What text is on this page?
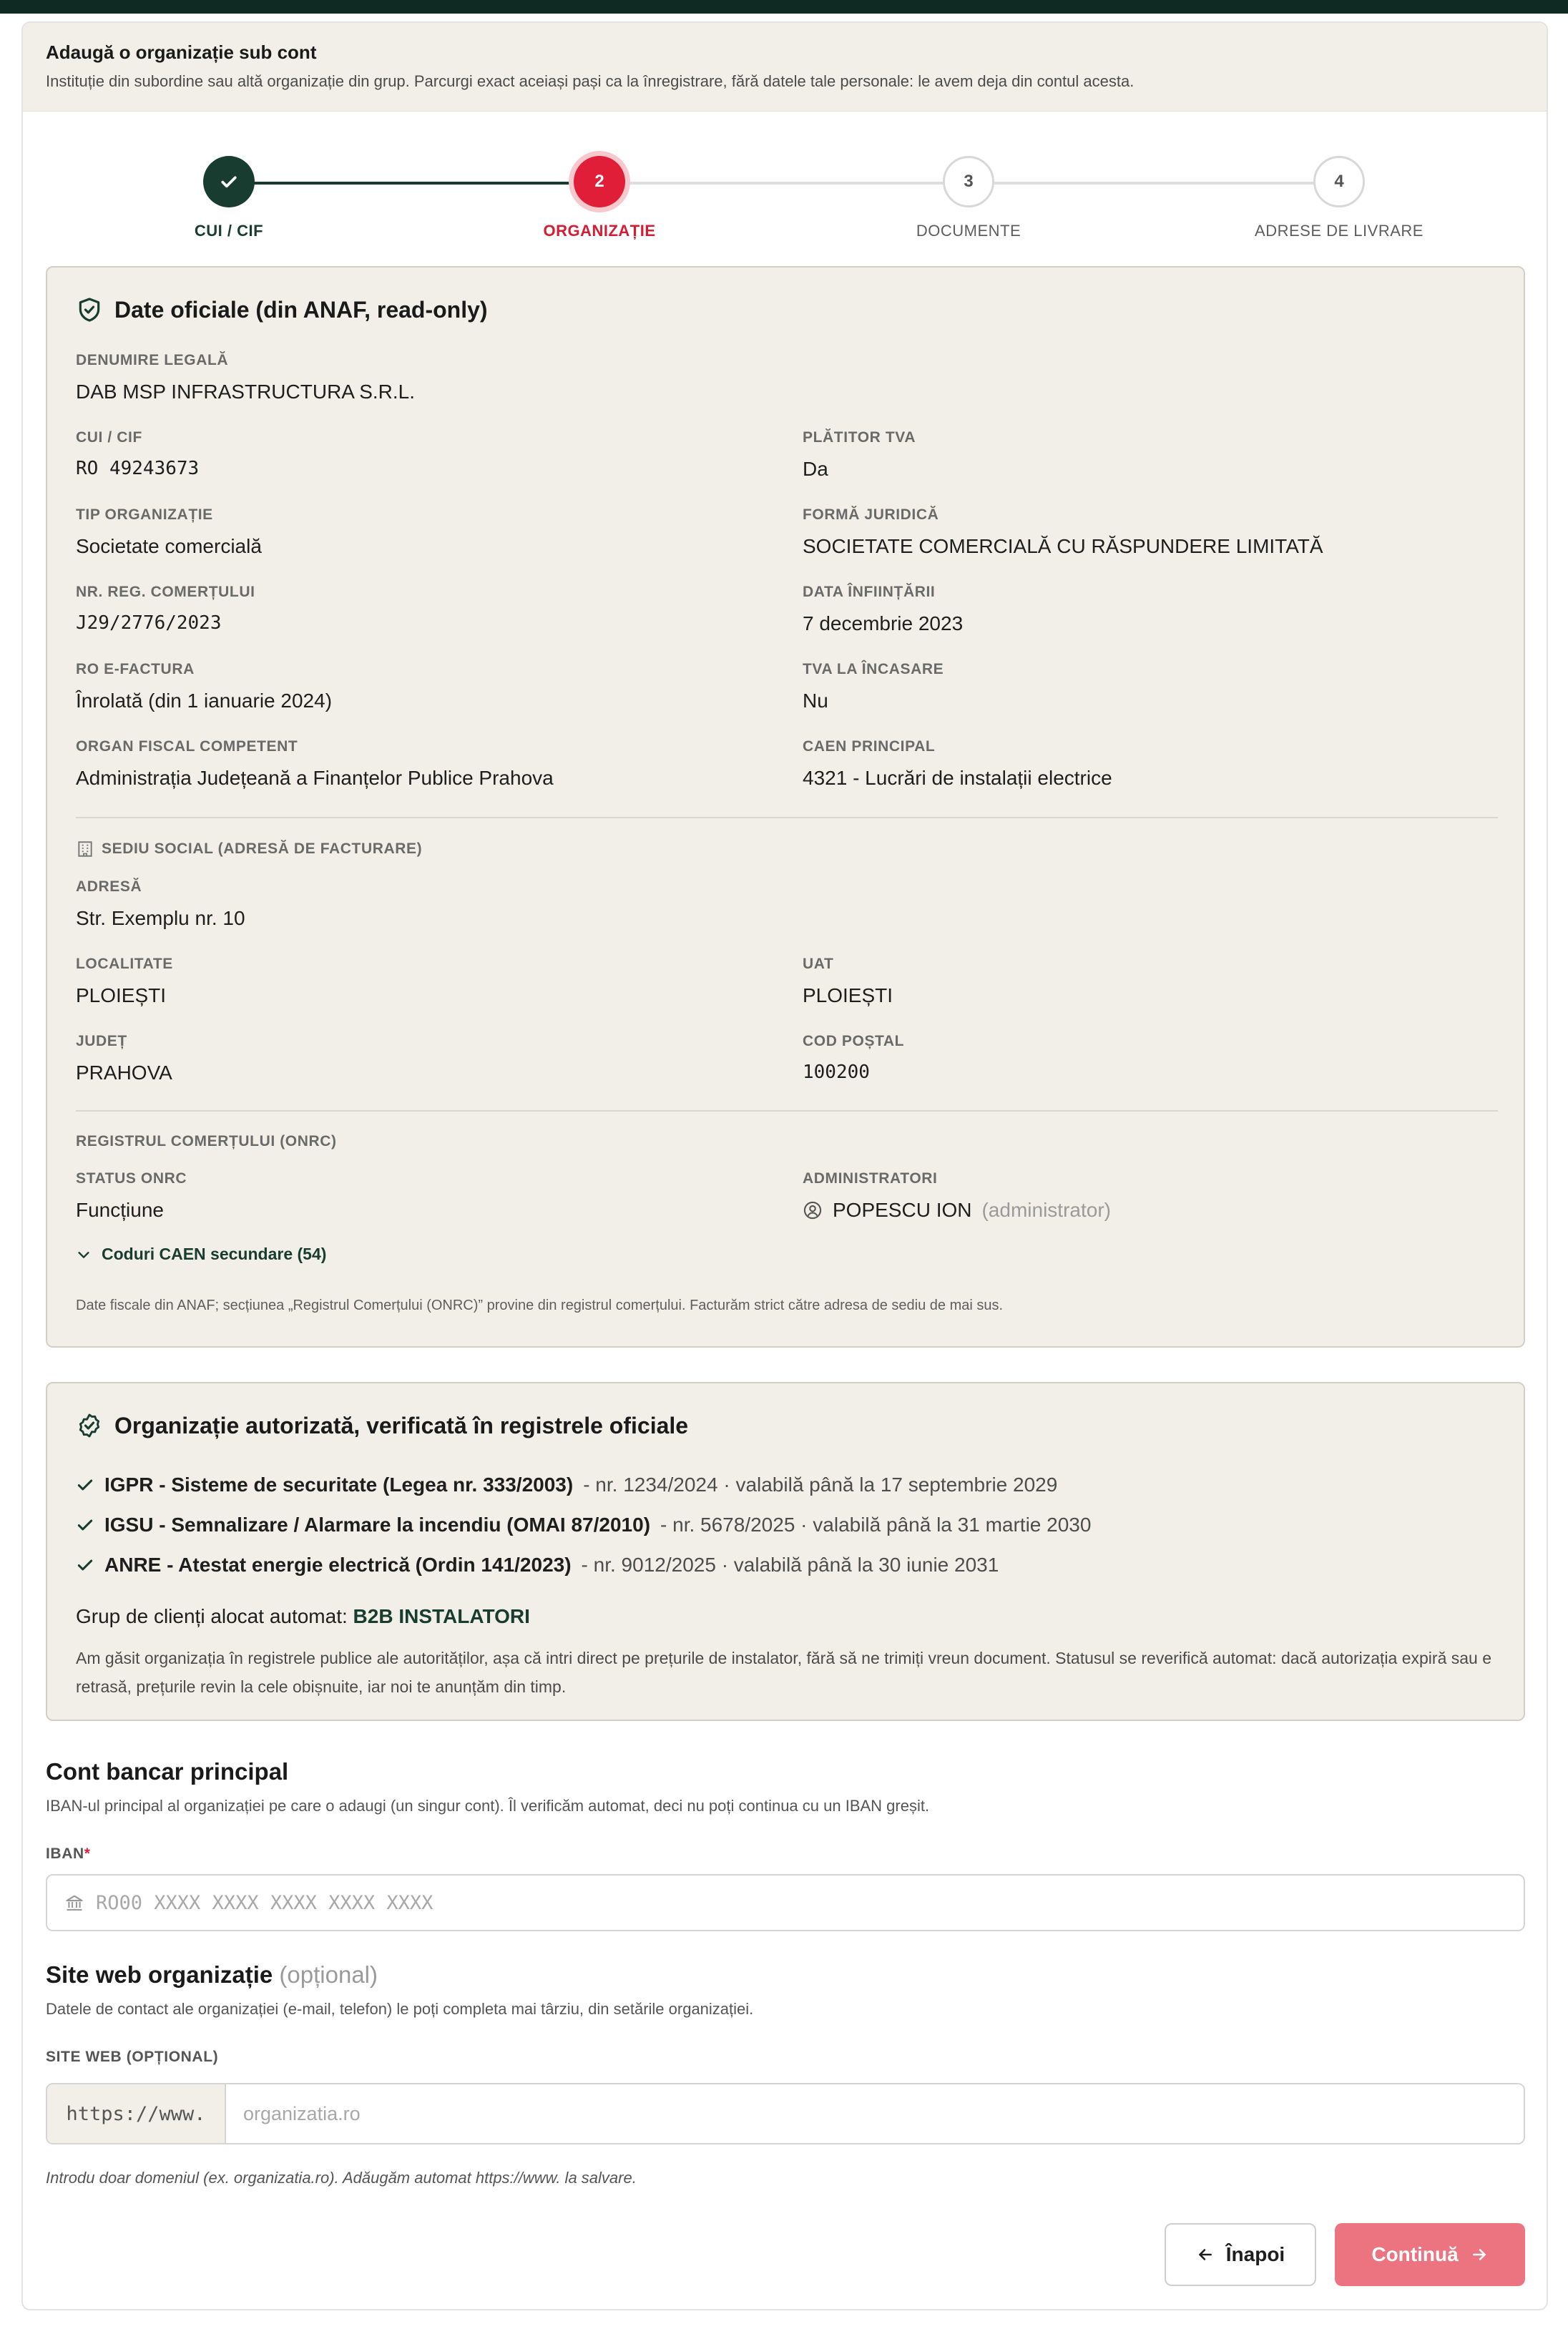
Adaugă o organizație sub cont
Instituție din subordine sau altă organizație din grup. Parcurgi exact aceiași pași ca la înregistrare, fără datele tale personale: le avem deja din contul acesta.
CUI / CIF
2
ORGANIZAȚIE
3
DOCUMENTE
4
ADRESE DE LIVRARE
Date oficiale (din ANAF, read-only)
DENUMIRE LEGALĂ
DAB MSP INFRASTRUCTURA S.R.L.
CUI / CIF
RO 49243673
PLĂTITOR TVA
Da
TIP ORGANIZAȚIE
Societate comercială
FORMĂ JURIDICĂ
SOCIETATE COMERCIALĂ CU RĂSPUNDERE LIMITATĂ
NR. REG. COMERȚULUI
J29/2776/2023
DATA ÎNFIINȚĂRII
7 decembrie 2023
RO E-FACTURA
Înrolată (din 1 ianuarie 2024)
TVA LA ÎNCASARE
Nu
ORGAN FISCAL COMPETENT
Administrația Județeană a Finanțelor Publice Prahova
CAEN PRINCIPAL
4321 - Lucrări de instalații electrice
SEDIU SOCIAL (ADRESĂ DE FACTURARE)
ADRESĂ
Str. Exemplu nr. 10
LOCALITATE
PLOIEȘTI
UAT
PLOIEȘTI
JUDEȚ
PRAHOVA
COD POȘTAL
100200
REGISTRUL COMERȚULUI (ONRC)
STATUS ONRC
Funcțiune
ADMINISTRATORI
POPESCU ION (administrator)
Coduri CAEN secundare (54)
Date fiscale din ANAF; secțiunea „Registrul Comerțului (ONRC)” provine din registrul comerțului. Facturăm strict către adresa de sediu de mai sus.
Organizație autorizată, verificată în registrele oficiale
IGPR - Sisteme de securitate (Legea nr. 333/2003) - nr. 1234/2024 · valabilă până la 17 septembrie 2029
IGSU - Semnalizare / Alarmare la incendiu (OMAI 87/2010) - nr. 5678/2025 · valabilă până la 31 martie 2030
ANRE - Atestat energie electrică (Ordin 141/2023) - nr. 9012/2025 · valabilă până la 30 iunie 2031
Grup de clienți alocat automat: B2B INSTALATORI
Am găsit organizația în registrele publice ale autorităților, așa că intri direct pe prețurile de instalator, fără să ne trimiți vreun document. Statusul se reverifică automat: dacă autorizația expiră sau e retrasă, prețurile revin la cele obișnuite, iar noi te anunțăm din timp.
Cont bancar principal
IBAN-ul principal al organizației pe care o adaugi (un singur cont). Îl verificăm automat, deci nu poți continua cu un IBAN greșit.
IBAN*
RO00 XXXX XXXX XXXX XXXX XXXX
Site web organizație (opțional)
Datele de contact ale organizației (e-mail, telefon) le poți completa mai târziu, din setările organizației.
SITE WEB (OPȚIONAL)
https://www.
organizatia.ro
Introdu doar domeniul (ex. organizatia.ro). Adăugăm automat https://www. la salvare.
Înapoi	Continuă
